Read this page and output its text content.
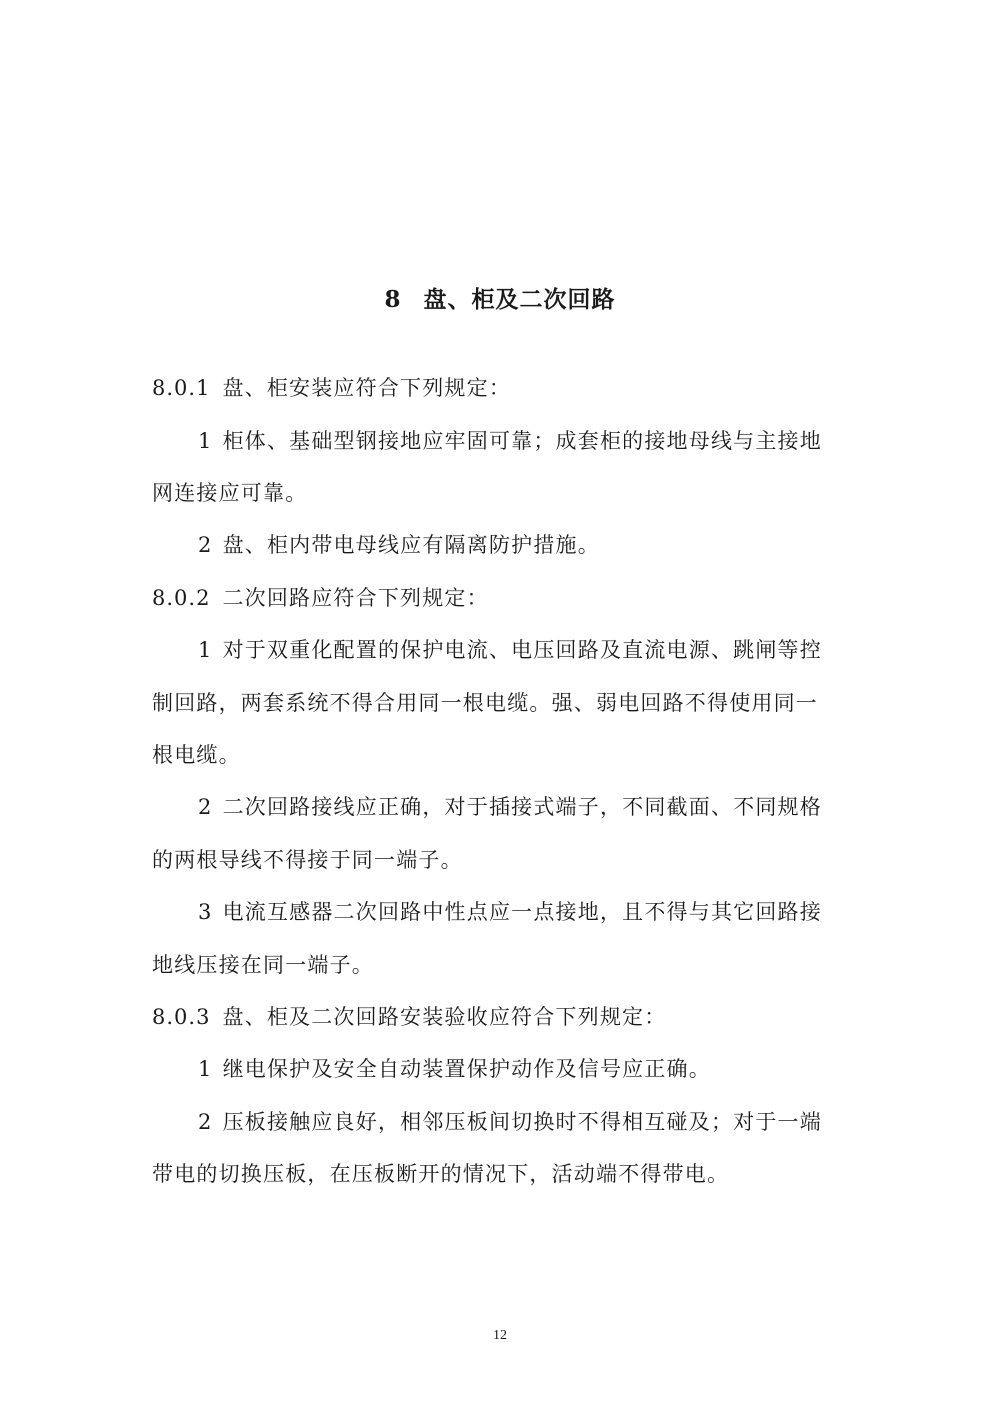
8 盘、柜及二次回路
8.0.1 盘、柜安装应符合下列规定：
1 柜体、基础型钢接地应牢固可靠；成套柜的接地母线与主接地
网连接应可靠。
2 盘、柜内带电母线应有隔离防护措施。
8.0.2 二次回路应符合下列规定：
1 对于双重化配置的保护电流、电压回路及直流电源、跳闸等控
制回路，两套系统不得合用同一根电缆。强、弱电回路不得使用同一
根电缆。
2 二次回路接线应正确，对于插接式端子，不同截面、不同规格
的两根导线不得接于同一端子。
3 电流互感器二次回路中性点应一点接地，且不得与其它回路接
地线压接在同一端子。
8.0.3 盘、柜及二次回路安装验收应符合下列规定：
1 继电保护及安全自动装置保护动作及信号应正确。
2 压板接触应良好，相邻压板间切换时不得相互碰及；对于一端
带电的切换压板，在压板断开的情况下，活动端不得带电。
12
